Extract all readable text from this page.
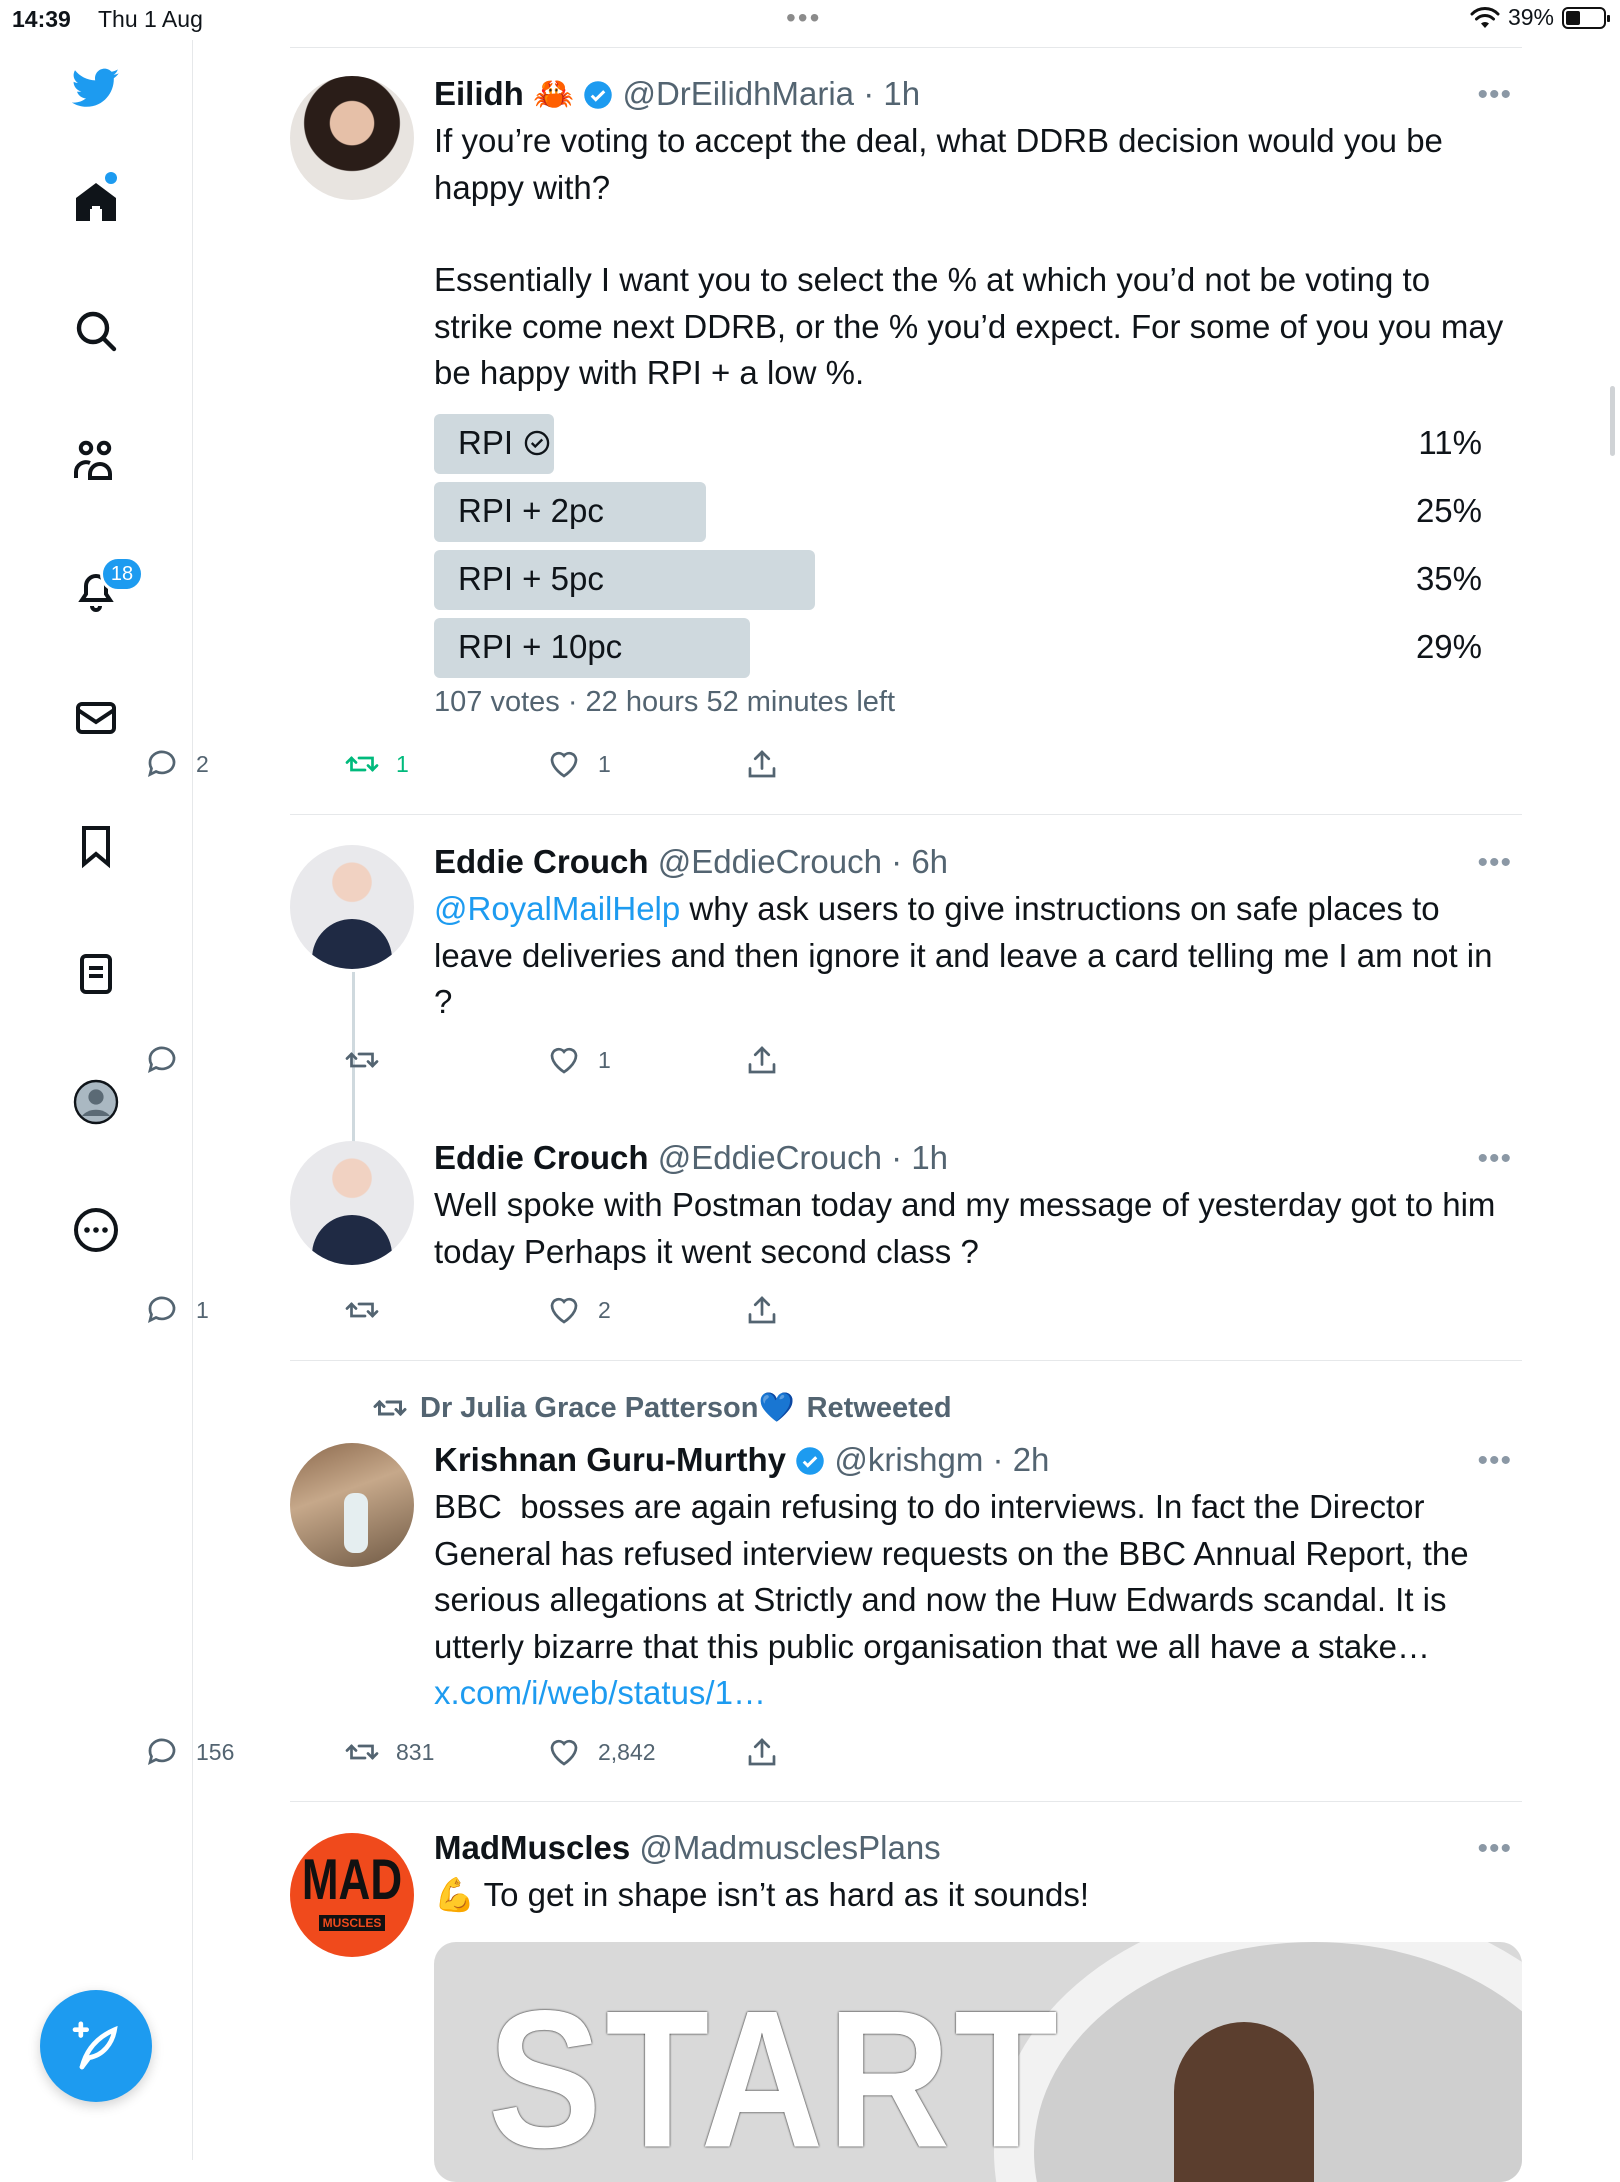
14:39 Thu 1 Aug	•••	39%
18
Eilidh 🦀 @DrEilidhMaria · 1h
If you’re voting to accept the deal, what DDRB decision would you be happy with?
Essentially I want you to select the % at which you’d not be voting to strike come next DDRB, or the % you’d expect. For some of you you may be happy with RPI + a low %.
•••
RPI	11%
RPI + 2pc	25%
RPI + 5pc	35%
RPI + 10pc	29%
107 votes · 22 hours 52 minutes left
2	1	1
Eddie Crouch @EddieCrouch · 6h
@RoyalMailHelp why ask users to give instructions on safe places to leave deliveries and then ignore it and leave a card telling me I am not in ?
•••
1
Eddie Crouch @EddieCrouch · 1h
Well spoke with Postman today and my message of yesterday got to him today Perhaps it went second class ?
•••
1	2
Dr Julia Grace Patterson💙 Retweeted
Krishnan Guru-Murthy @krishgm · 2h
BBC  bosses are again refusing to do interviews. In fact the Director General has refused interview requests on the BBC Annual Report, the serious allegations at Strictly and now the Huw Edwards scandal. It is utterly bizarre that this public organisation that we all have a stake…
x.com/i/web/status/1…
•••
156	831	2,842
MAD
MUSCLES
MadMuscles @MadmusclesPlans
💪 To get in shape isn’t as hard as it sounds!
•••
START
